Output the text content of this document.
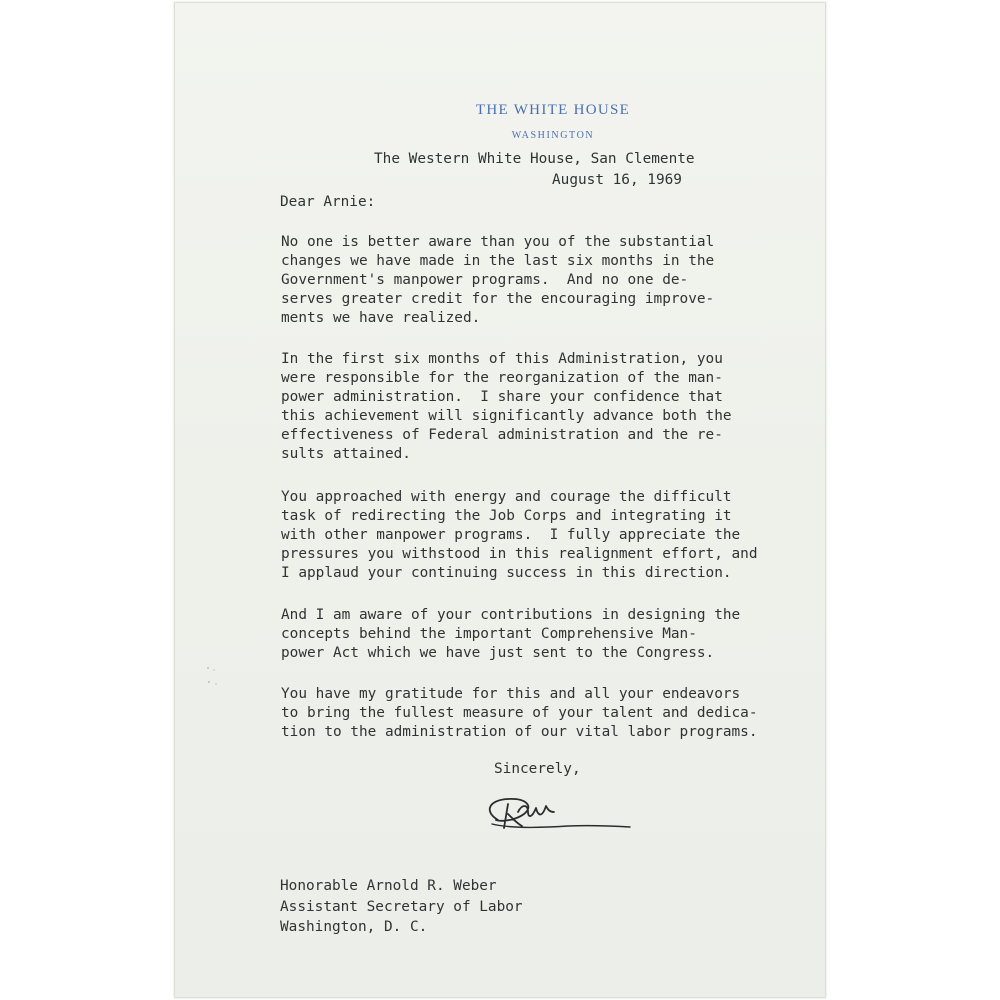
THE WHITE HOUSE
WASHINGTON
The Western White House, San Clemente
August 16, 1969
Dear Arnie:
No one is better aware than you of the substantial
changes we have made in the last six months in the
Government's manpower programs.  And no one de-
serves greater credit for the encouraging improve-
ments we have realized.
In the first six months of this Administration, you
were responsible for the reorganization of the man-
power administration.  I share your confidence that
this achievement will significantly advance both the
effectiveness of Federal administration and the re-
sults attained.
You approached with energy and courage the difficult
task of redirecting the Job Corps and integrating it
with other manpower programs.  I fully appreciate the
pressures you withstood in this realignment effort, and
I applaud your continuing success in this direction.
And I am aware of your contributions in designing the
concepts behind the important Comprehensive Man-
power Act which we have just sent to the Congress.
You have my gratitude for this and all your endeavors
to bring the fullest measure of your talent and dedica-
tion to the administration of our vital labor programs.
Sincerely,
Honorable Arnold R. Weber
Assistant Secretary of Labor
Washington, D. C.
